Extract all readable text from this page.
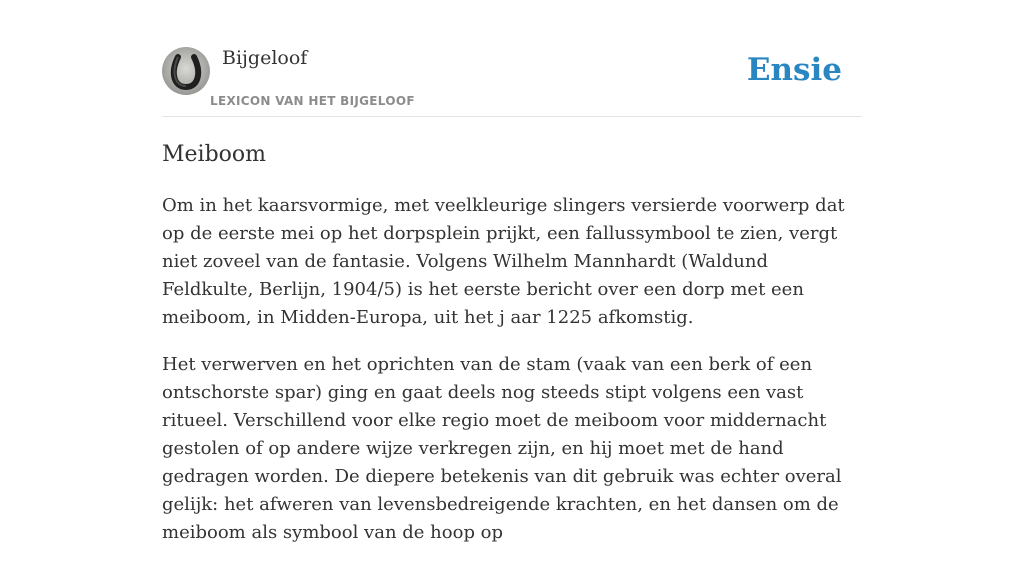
Bijgeloof
LEXICON VAN HET BIJGELOOF
Ensie
Meiboom

Om in het kaarsvormige, met veelkleurige slingers versierde voorwerp dat op de eerste mei op het dorpsplein prijkt, een fallussymbool te zien, vergt niet zoveel van de fantasie. Volgens Wilhelm Mannhardt (Waldund Feldkulte, Berlijn, 1904/5) is het eerste bericht over een dorp met een meiboom, in Midden-Europa, uit het j aar 1225 afkomstig.

Het verwerven en het oprichten van de stam (vaak van een berk of een ontschorste spar) ging en gaat deels nog steeds stipt volgens een vast ritueel. Verschillend voor elke regio moet de meiboom voor middernacht gestolen of op andere wijze verkregen zijn, en hij moet met de hand gedragen worden. De diepere betekenis van dit gebruik was echter overal gelijk: het afweren van levensbedreigende krachten, en het dansen om de meiboom als symbool van de hoop op
